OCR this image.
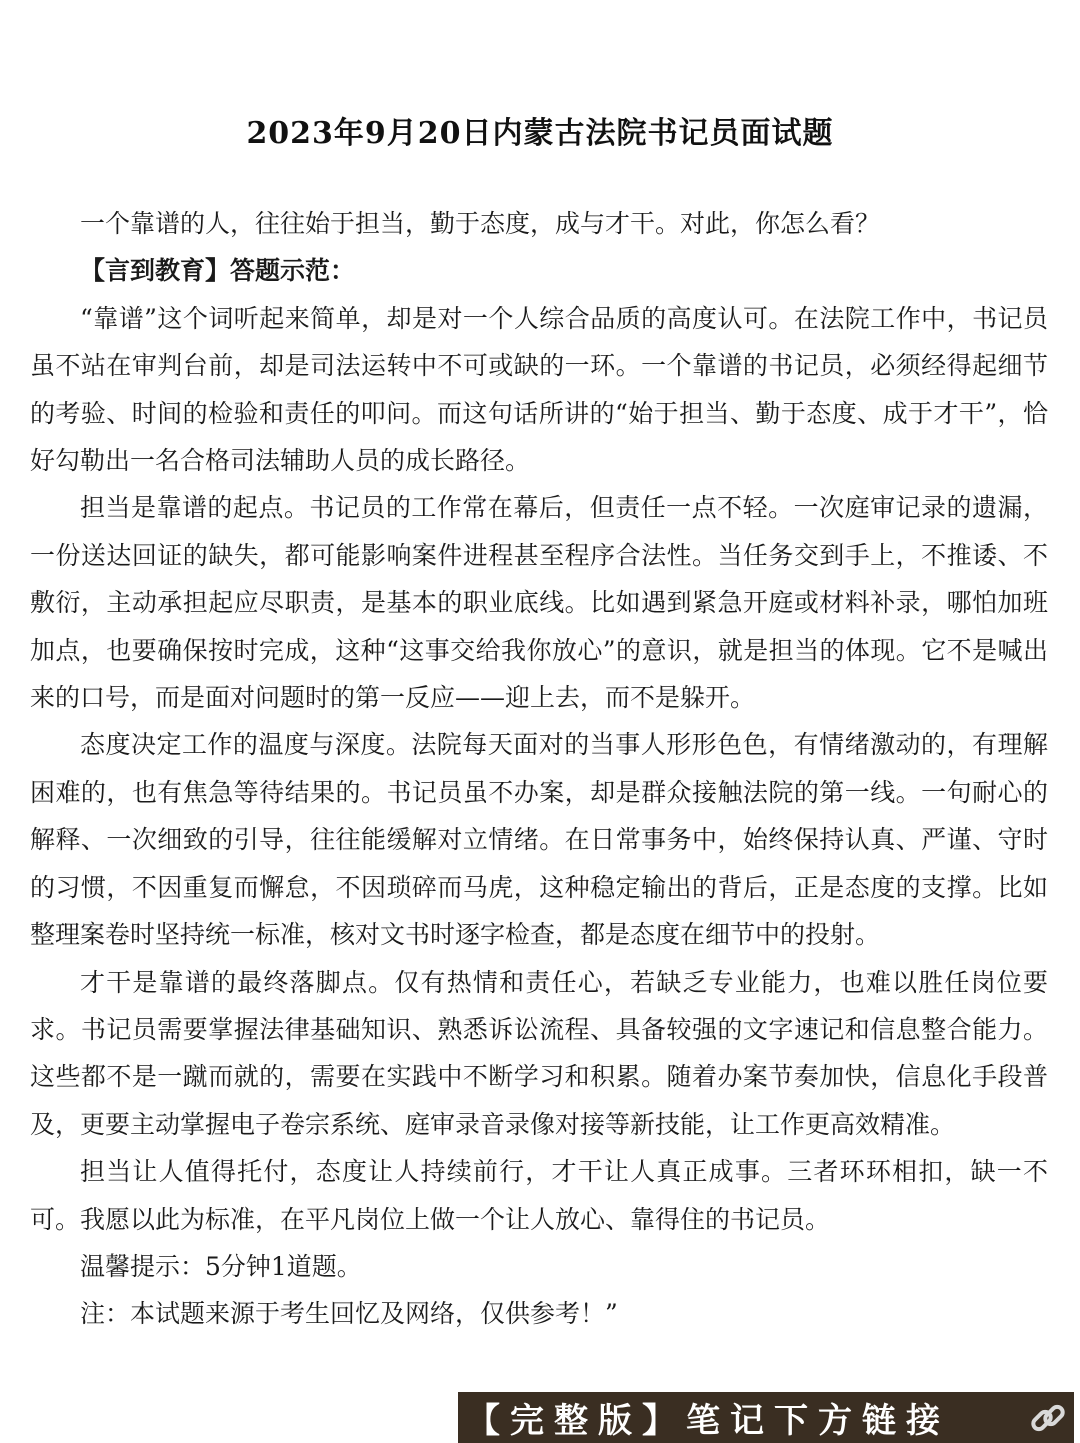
2023年9月20日内蒙古法院书记员面试题

一个靠谱的人，往往始于担当，勤于态度，成与才干。对此，你怎么看？

【言到教育】答题示范：

“靠谱”这个词听起来简单，却是对一个人综合品质的高度认可。在法院工作中，书记员虽不站在审判台前，却是司法运转中不可或缺的一环。一个靠谱的书记员，必须经得起细节的考验、时间的检验和责任的叩问。而这句话所讲的“始于担当、勤于态度、成于才干”，恰好勾勒出一名合格司法辅助人员的成长路径。

担当是靠谱的起点。书记员的工作常在幕后，但责任一点不轻。一次庭审记录的遗漏，一份送达回证的缺失，都可能影响案件进程甚至程序合法性。当任务交到手上，不推诿、不敷衍，主动承担起应尽职责，是基本的职业底线。比如遇到紧急开庭或材料补录，哪怕加班加点，也要确保按时完成，这种“这事交给我你放心”的意识，就是担当的体现。它不是喊出来的口号，而是面对问题时的第一反应——迎上去，而不是躲开。

态度决定工作的温度与深度。法院每天面对的当事人形形色色，有情绪激动的，有理解困难的，也有焦急等待结果的。书记员虽不办案，却是群众接触法院的第一线。一句耐心的解释、一次细致的引导，往往能缓解对立情绪。在日常事务中，始终保持认真、严谨、守时的习惯，不因重复而懈怠，不因琐碎而马虎，这种稳定输出的背后，正是态度的支撑。比如整理案卷时坚持统一标准，核对文书时逐字检查，都是态度在细节中的投射。

才干是靠谱的最终落脚点。仅有热情和责任心，若缺乏专业能力，也难以胜任岗位要求。书记员需要掌握法律基础知识、熟悉诉讼流程、具备较强的文字速记和信息整合能力。这些都不是一蹴而就的，需要在实践中不断学习和积累。随着办案节奏加快，信息化手段普及，更要主动掌握电子卷宗系统、庭审录音录像对接等新技能，让工作更高效精准。

担当让人值得托付，态度让人持续前行，才干让人真正成事。三者环环相扣，缺一不可。我愿以此为标准，在平凡岗位上做一个让人放心、靠得住的书记员。

温馨提示：5分钟1道题。

注：本试题来源于考生回忆及网络，仅供参考！”

【完整版】笔记下方链接
